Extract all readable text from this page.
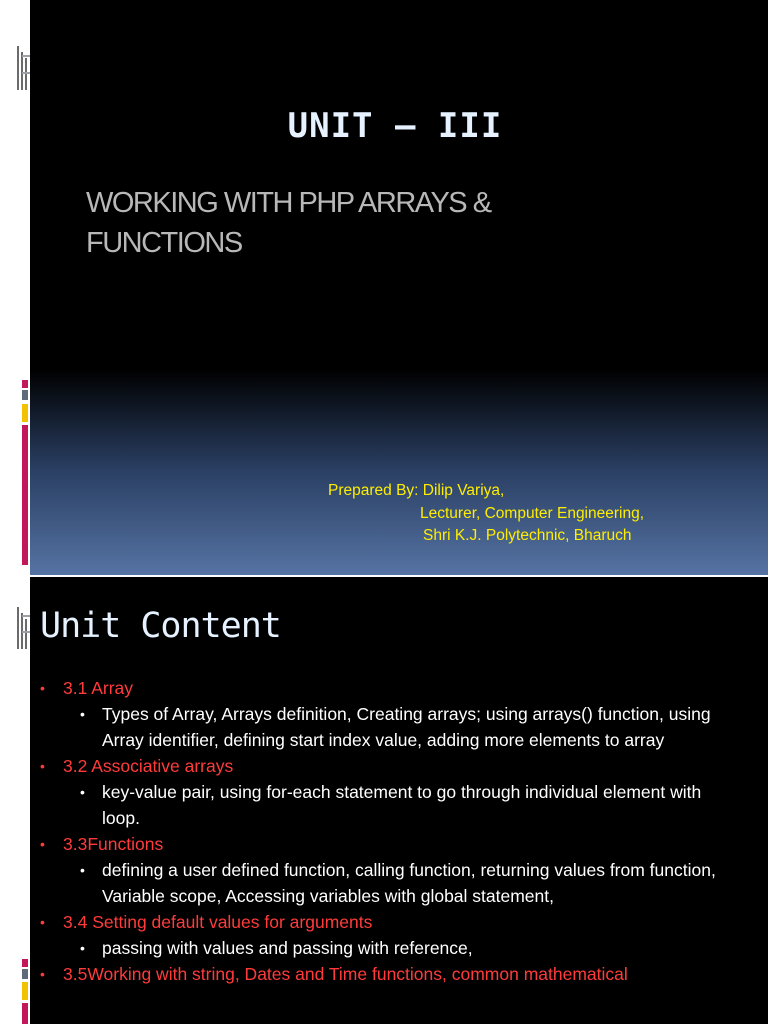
UNIT – III
WORKING WITH PHP ARRAYS & FUNCTIONS
Prepared By: Dilip Variya,
Lecturer, Computer Engineering,
Shri K.J. Polytechnic, Bharuch
Unit Content
• 3.1 Array
• Types of Array, Arrays definition, Creating arrays; using arrays() function, using Array identifier, defining start index value, adding more elements to array
• 3.2 Associative arrays
• key-value pair, using for-each statement to go through individual element with loop.
• 3.3Functions
• defining a user defined function, calling function, returning values from function, Variable scope, Accessing variables with global statement,
• 3.4 Setting default values for arguments
• passing with values and passing with reference,
• 3.5Working with string, Dates and Time functions, common mathematical
